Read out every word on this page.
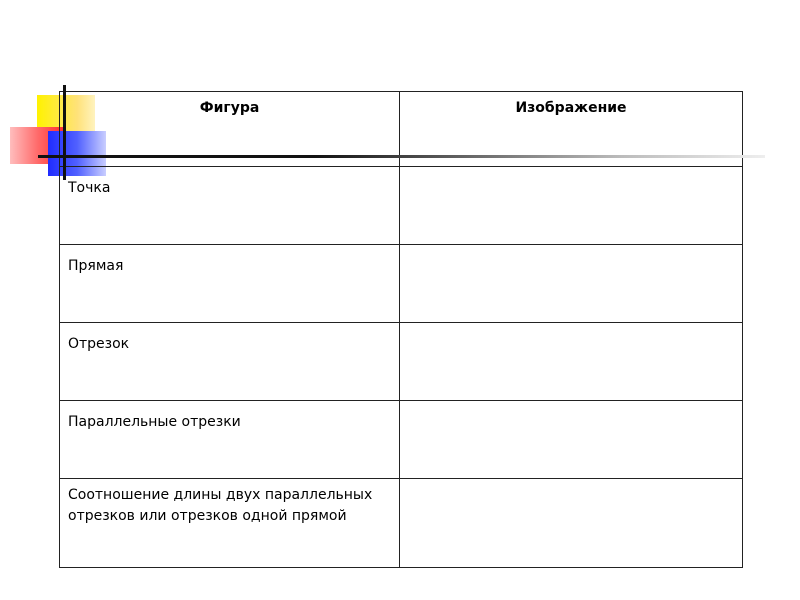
Фигура	Изображение
Точка	
Прямая	
Отрезок	
Параллельные отрезки	
Соотношение длины двух параллельных отрезков или отрезков одной прямой	
